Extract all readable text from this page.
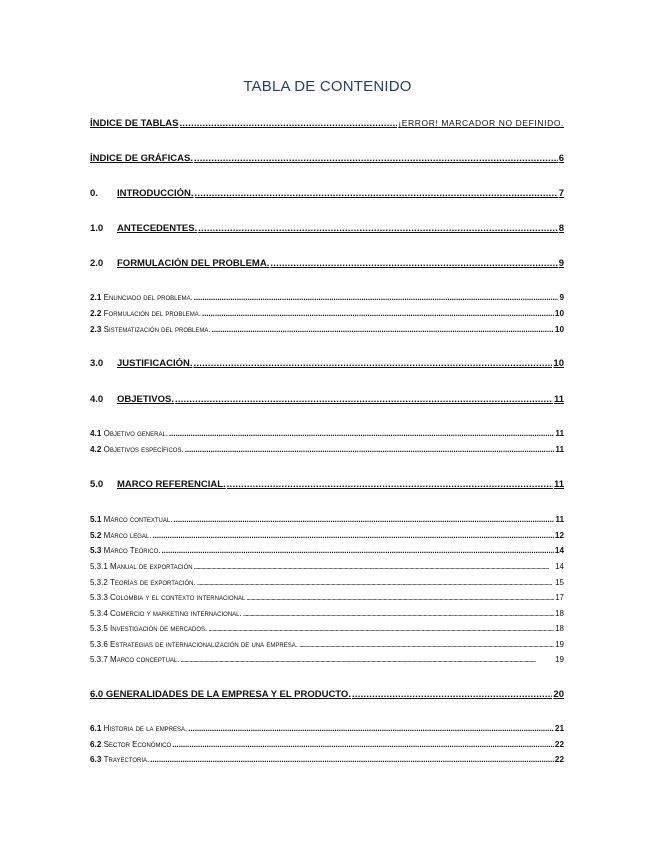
TABLA DE CONTENIDO
ÍNDICE DE TABLAS . . .	¡ERROR! MARCADOR NO DEFINIDO.
ÍNDICE DE GRÁFICAS. . . .	6
0. INTRODUCCIÓN. . . .	7
1.0 ANTECEDENTES. . . .	8
2.0 FORMULACIÓN DEL PROBLEMA. . . .	9
2.1 Enunciado del problema. . . .	9
2.2 Formulación del problema. . . .	10
2.3 Sistematización del problema. . . .	10
3.0 JUSTIFICACIÓN. . . .	10
4.0 OBJETIVOS. . . .	11
4.1 Objetivo general. . . .	11
4.2 Objetivos específicos. . . .	11
5.0 MARCO REFERENCIAL. . . .	11
5.1 Marco contextual. . . .	11
5.2 Marco legal. . . .	12
5.3 Marco Teórico. . . .	14
5.3.1 Manual de exportación . . .	14
5.3.2 Teorías de exportación. . . .	15
5.3.3 Colombia y el contexto internacional . . .	17
5.3.4 Comercio y marketing internacional. . . .	18
5.3.5 Investigación de mercados. . . .	18
5.3.6 Estrategias de internacionalización de una empresa. . . .	19
5.3.7 Marco conceptual. . . .	19
6.0 GENERALIDADES DE LA EMPRESA Y EL PRODUCTO. . . .	20
6.1 Historia de la empresa. . . .	21
6.2 Sector Económico . . .	22
6.3 Trayectoria. . . .	22
